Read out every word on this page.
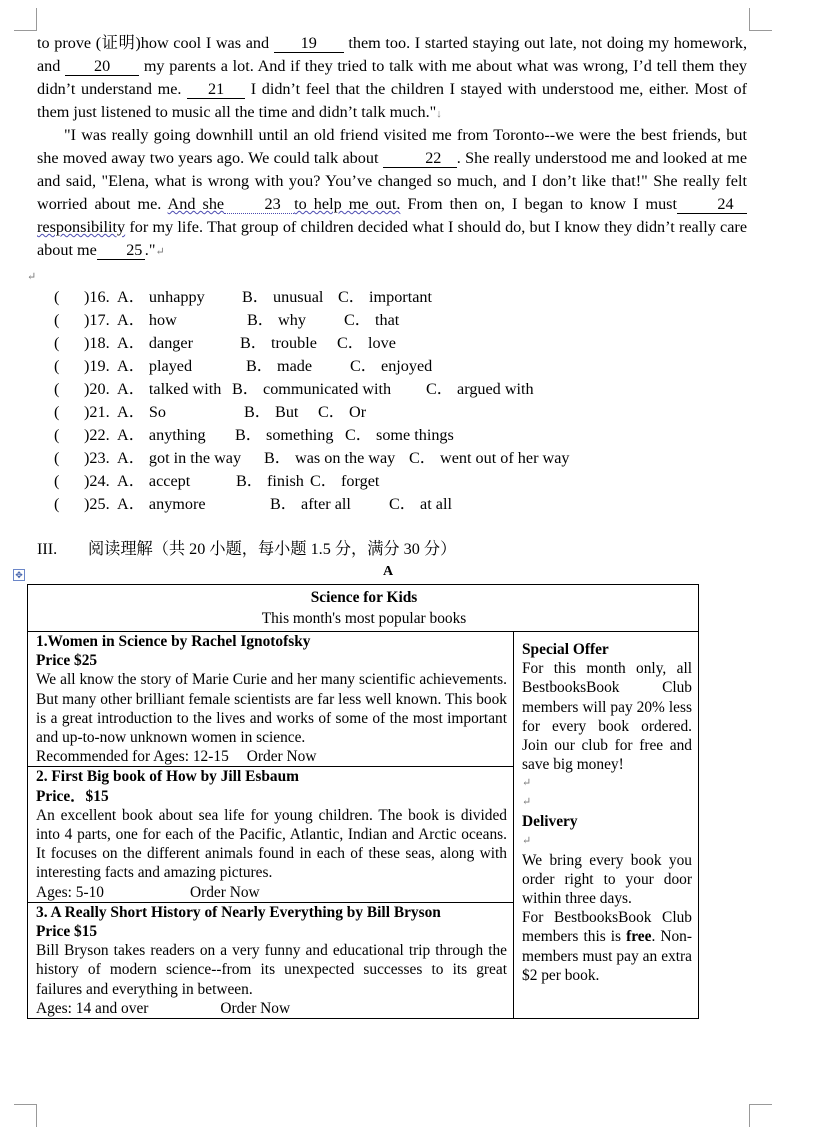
to prove (证明)how cool I was and 19 them too. I started staying out late, not doing my homework, and 20 my parents a lot. And if they tried to talk with me about what was wrong, I’d tell them they didn’t understand me. 21 I didn’t feel that the children I stayed with understood me, either. Most of them just listened to music all the time and didn’t talk much."↓
"I was really going downhill until an old friend visited me from Toronto--we were the best friends, but she moved away two years ago. We could talk about	22 . She really understood me and looked at me and said, "Elena, what is wrong with you? You’ve changed so much, and I don’t like that!" She really felt worried about me. And she 23 to help me out. From then on, I began to know I must 24responsibility for my life. That group of children decided what I should do, but I know they didn’t really care about me 25 ."↵
↵
( )16. A． unhappy B． unusual C． important
( )17. A． how	B． why C． that
( )18. A． danger	B． trouble C． love
( )19. A． played	B． made C． enjoyed
( )20. A． talked with B． communicated with C． argued with
( )21. A． So	B． But C． Or
( )22. A． anything B． something C． some things
( )23. A． got in the way B． was on the way C． went out of her way
( )24. A． accept	B． finish C． forget
( )25. A． anymore	B． after all C． at all
III. 阅读理解（共 20 小题，每小题 1.5 分，满分 30 分）
✥	A
Science for Kids
This month's most popular books

1.Women in Science by Rachel Ignotofsky
Price $25
We all know the story of Marie Curie and her many scientific achievements. But many other brilliant female scientists are far less well known. This book is a great introduction to the lives and works of some of the most important and up-to-now unknown women in science.
Recommended for Ages: 12-15 Order Now

Special Offer
For this month only, all BestbooksBook Club members will pay 20% less for every book ordered. Join our club for free and save big money!
↵
↵
Delivery
↵
We bring every book you order right to your door within three days.
For BestbooksBook Club members this is free. Non-members must pay an extra $2 per book.

2. First Big book of How by Jill Esbaum
Price．$15
An excellent book about sea life for young children. The book is divided into 4 parts, one for each of the Pacific, Atlantic, Indian and Arctic oceans. It focuses on the different animals found in each of these seas, along with interesting facts and amazing pictures.
Ages: 5-10	Order Now

3. A Really Short History of Nearly Everything by Bill Bryson
Price $15
Bill Bryson takes readers on a very funny and educational trip through the history of modern science--from its unexpected successes to its great failures and everything in between.
Ages: 14 and over	Order Now
